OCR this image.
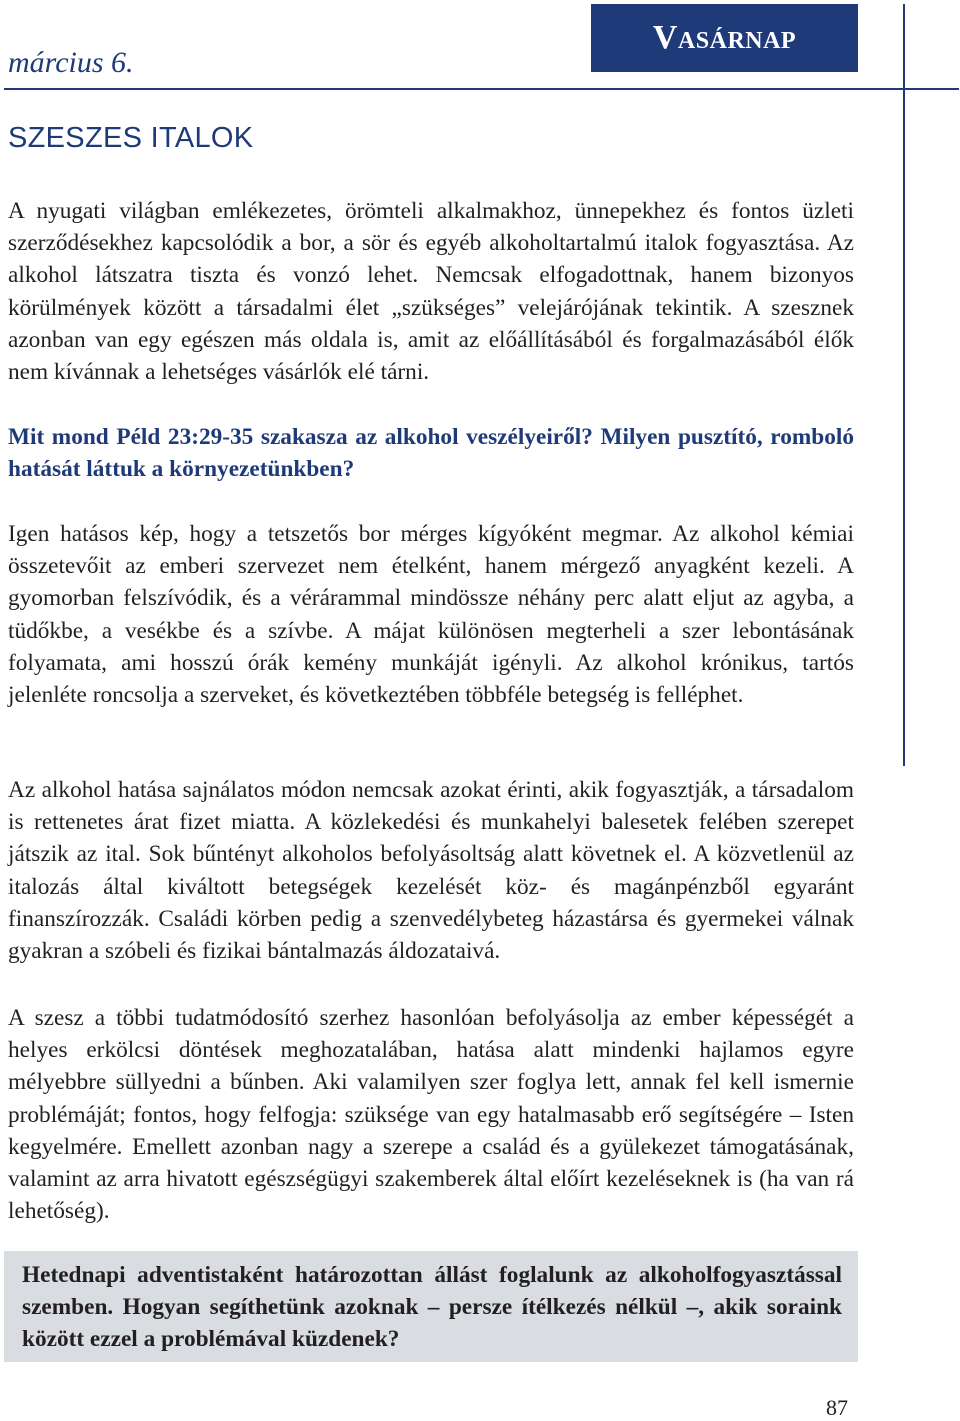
március 6.
Vasárnap
SZESZES ITALOK

A nyugati világban emlékezetes, örömteli alkalmakhoz, ünnepekhez és fontos üzleti szerződésekhez kapcsolódik a bor, a sör és egyéb alkoholtartalmú italok fogyasztása. Az alkohol látszatra tiszta és vonzó lehet. Nemcsak elfogadottnak, hanem bizonyos körülmények között a társadalmi élet „szükséges” velejárójának tekintik. A szesznek azonban van egy egészen más oldala is, amit az előállításából és forgalmazásából élők nem kívánnak a lehetséges vásárlók elé tárni.

Mit mond Péld 23:29-35 szakasza az alkohol veszélyeiről? Milyen pusztító, romboló hatását láttuk a környezetünkben?

Igen hatásos kép, hogy a tetszetős bor mérges kígyóként megmar. Az alkohol kémiai összetevőit az emberi szervezet nem ételként, hanem mérgező anyagként kezeli. A gyomorban felszívódik, és a vérárammal mindössze néhány perc alatt eljut az agyba, a tüdőkbe, a vesékbe és a szívbe. A májat különösen megterheli a szer lebontásának folyamata, ami hosszú órák kemény munkáját igényli. Az alkohol krónikus, tartós jelenléte roncsolja a szerveket, és következtében többféle betegség is felléphet.

Az alkohol hatása sajnálatos módon nemcsak azokat érinti, akik fogyasztják, a társadalom is rettenetes árat fizet miatta. A közlekedési és munkahelyi balesetek felében szerepet játszik az ital. Sok bűntényt alkoholos befolyásoltság alatt követnek el. A közvetlenül az italozás által kiváltott betegségek kezelését köz- és magánpénzből egyaránt finanszírozzák. Családi körben pedig a szenvedélybeteg házastársa és gyermekei válnak gyakran a szóbeli és fizikai bántalmazás áldozataivá.

A szesz a többi tudatmódosító szerhez hasonlóan befolyásolja az ember képességét a helyes erkölcsi döntések meghozatalában, hatása alatt mindenki hajlamos egyre mélyebbre süllyedni a bűnben. Aki valamilyen szer foglya lett, annak fel kell ismernie problémáját; fontos, hogy felfogja: szüksége van egy hatalmasabb erő segítségére – Isten kegyelmére. Emellett azonban nagy a szerepe a család és a gyülekezet támogatásának, valamint az arra hivatott egészségügyi szakemberek által előírt kezeléseknek is (ha van rá lehetőség).

Hetednapi adventistaként határozottan állást foglalunk az alkoholfogyasztással szemben. Hogyan segíthetünk azoknak – persze ítélkezés nélkül –, akik soraink között ezzel a problémával küzdenek?

87
